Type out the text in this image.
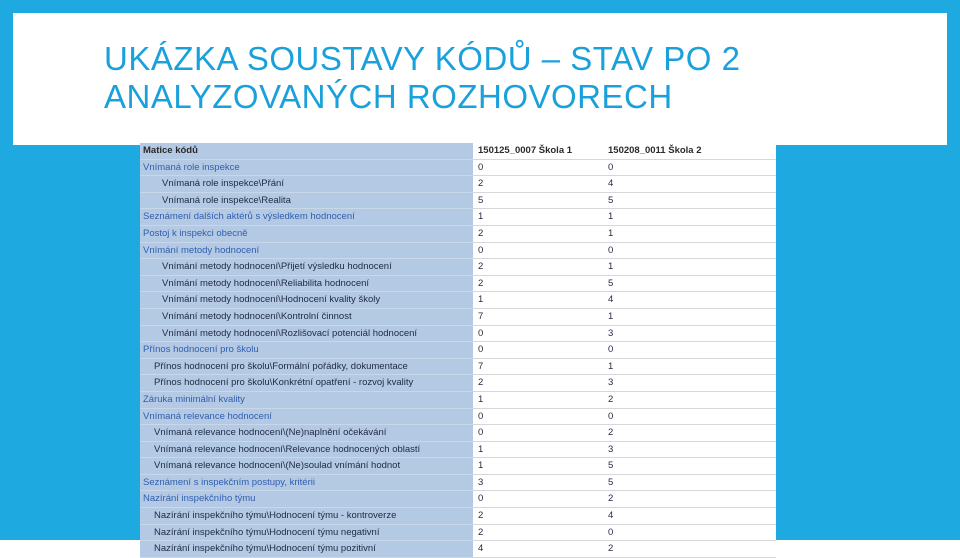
UKÁZKA SOUSTAVY KÓDŮ – STAV PO 2
ANALYZOVANÝCH ROZHOVORECH
Matice kódů		150125_0007 Škola 1	150208_0011 Škola 2
Vnímaná role inspekce		0	0
Vnímaná role inspekce\Přání		2	4
Vnímaná role inspekce\Realita		5	5
Seznámení dalších aktérů s výsledkem hodnocení		1	1
Postoj k inspekci obecně		2	1
Vnímání metody hodnocení		0	0
Vnímání metody hodnocení\Přijetí výsledku hodnocení		2	1
Vnímání metody hodnocení\Reliabilita hodnocení		2	5
Vnímání metody hodnocení\Hodnocení kvality školy		1	4
Vnímání metody hodnocení\Kontrolní činnost		7	1
Vnímání metody hodnocení\Rozlišovací potenciál hodnocení		0	3
Přínos hodnocení pro školu		0	0
Přínos hodnocení pro školu\Formální pořádky, dokumentace		7	1
Přínos hodnocení pro školu\Konkrétní opatření - rozvoj kvality		2	3
Záruka minimální kvality		1	2
Vnímaná relevance hodnocení		0	0
Vnímaná relevance hodnocení\(Ne)naplnění očekávání		0	2
Vnímaná relevance hodnocení\Relevance hodnocených oblastí		1	3
Vnímaná relevance hodnocení\(Ne)soulad vnímání hodnot		1	5
Seznámení s inspekčním postupy, kritérii		3	5
Nazírání inspekčního týmu		0	2
Nazírání inspekčního týmu\Hodnocení týmu - kontroverze		2	4
Nazírání inspekčního týmu\Hodnocení týmu negativní		2	0
Nazírání inspekčního týmu\Hodnocení týmu pozitivní		4	2
